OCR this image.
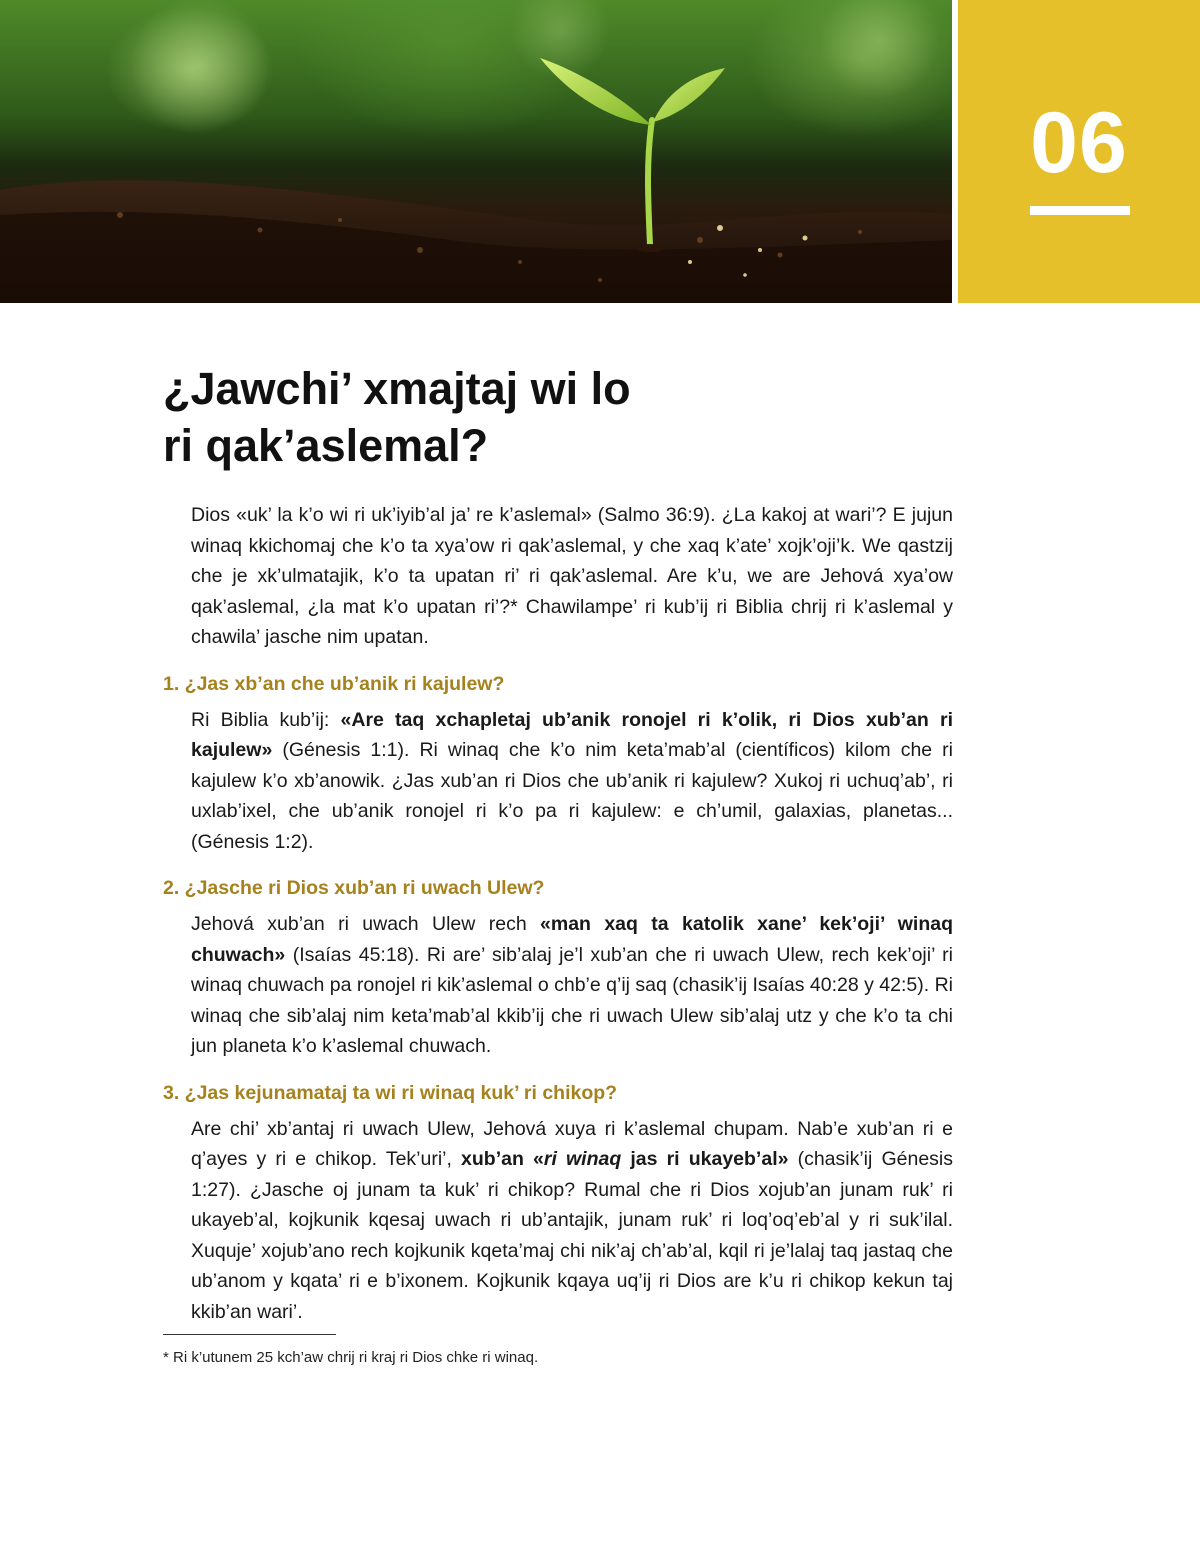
06
¿Jawchi’ xmajtaj wi lo
ri qak’aslemal?

Dios «uk’ la k’o wi ri uk’iyib’al ja’ re k’aslemal» (Salmo 36:9). ¿La kakoj at wari’? E jujun winaq kkichomaj che k’o ta xya’ow ri qak’aslemal, y che xaq k’ate’ xojk’oji’k. We qastzij che je xk’ulmatajik, k’o ta upatan ri’ ri qak’aslemal. Are k’u, we are Jehová xya’ow qak’aslemal, ¿la mat k’o upatan ri’?* Chawilampe’ ri kub’ij ri Biblia chrij ri k’aslemal y chawila’ jasche nim upatan.

1. ¿Jas xb’an che ub’anik ri kajulew?

Ri Biblia kub’ij: «Are taq xchapletaj ub’anik ronojel ri k’olik, ri Dios xub’an ri kajulew» (Génesis 1:1). Ri winaq che k’o nim keta’mab’al (científicos) kilom che ri kajulew k’o xb’anowik. ¿Jas xub’an ri Dios che ub’anik ri kajulew? Xukoj ri uchuq’ab’, ri uxlab’ixel, che ub’anik ronojel ri k’o pa ri kajulew: e ch’umil, galaxias, planetas... (Génesis 1:2).

2. ¿Jasche ri Dios xub’an ri uwach Ulew?

Jehová xub’an ri uwach Ulew rech «man xaq ta katolik xane’ kek’oji’ winaq chuwach» (Isaías 45:18). Ri are’ sib’alaj je’l xub’an che ri uwach Ulew, rech kek’oji’ ri winaq chuwach pa ronojel ri kik’aslemal o chb’e q’ij saq (chasik’ij Isaías 40:28 y 42:5). Ri winaq che sib’alaj nim keta’mab’al kkib’ij che ri uwach Ulew sib’alaj utz y che k’o ta chi jun planeta k’o k’aslemal chuwach.

3. ¿Jas kejunamataj ta wi ri winaq kuk’ ri chikop?

Are chi’ xb’antaj ri uwach Ulew, Jehová xuya ri k’aslemal chupam. Nab’e xub’an ri e q’ayes y ri e chikop. Tek’uri’, xub’an «ri winaq jas ri ukayeb’al» (chasik’ij Génesis 1:27). ¿Jasche oj junam ta kuk’ ri chikop? Rumal che ri Dios xojub’an junam ruk’ ri ukayeb’al, kojkunik kqesaj uwach ri ub’antajik, junam ruk’ ri loq’oq’eb’al y ri suk’ilal. Xuquje’ xojub’ano rech kojkunik kqeta’maj chi nik’aj ch’ab’al, kqil ri je’lalaj taq jastaq che ub’anom y kqata’ ri e b’ixonem. Kojkunik kqaya uq’ij ri Dios are k’u ri chikop kekun taj kkib’an wari’.

* Ri k’utunem 25 kch’aw chrij ri kraj ri Dios chke ri winaq.
